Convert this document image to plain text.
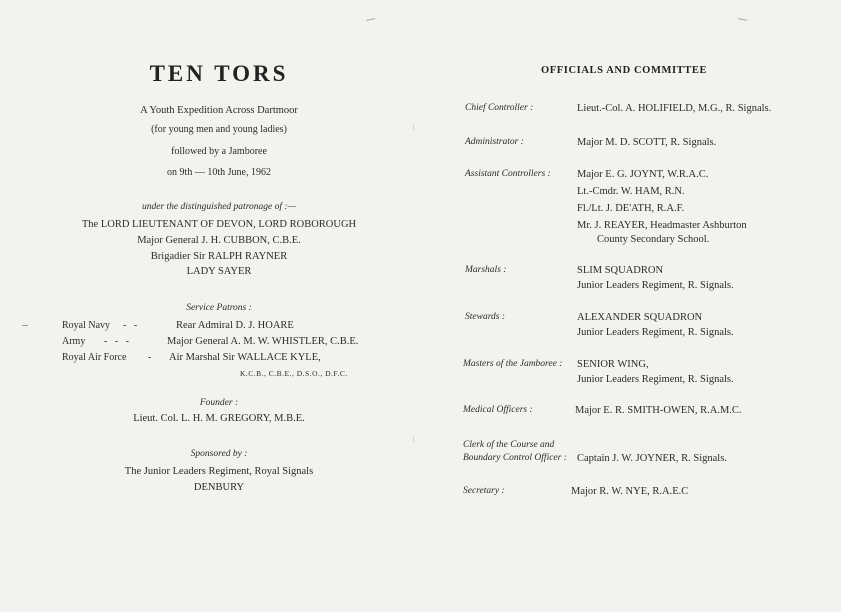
TEN TORS
A Youth Expedition Across Dartmoor
(for young men and young ladies)
followed by a Jamboree
on 9th — 10th June, 1962
under the distinguished patronage of :—
The LORD LIEUTENANT OF DEVON, LORD ROBOROUGH
Major General J. H. CUBBON, C.B.E.
Brigadier Sir RALPH RAYNER
LADY SAYER
Service Patrons :
Royal Navy -   -	Rear Admiral D. J. HOARE
Army -   -   -	Major General A. M. W. WHISTLER, C.B.E.
Royal Air Force - Air Marshal Sir WALLACE KYLE,
K.C.B., C.B.E., D.S.O., D.F.C.
Founder :
Lieut. Col. L. H. M. GREGORY, M.B.E.
Sponsored by :
The Junior Leaders Regiment, Royal Signals
DENBURY
OFFICIALS AND COMMITTEE
Chief Controller :	Lieut.-Col. A. HOLIFIELD, M.G., R. Signals.
Administrator :	Major M. D. SCOTT, R. Signals.
Assistant Controllers :	Major E. G. JOYNT, W.R.A.C.
Lt.-Cmdr. W. HAM, R.N.
Fl./Lt. J. DE'ATH, R.A.F.
Mr. J. REAYER, Headmaster Ashburton
County Secondary School.
Marshals :	SLIM SQUADRON
Junior Leaders Regiment, R. Signals.
Stewards :	ALEXANDER SQUADRON
Junior Leaders Regiment, R. Signals.
Masters of the Jamboree : SENIOR WING,
Junior Leaders Regiment, R. Signals.
Medical Officers :	Major E. R. SMITH-OWEN, R.A.M.C.
Clerk of the Course and
Boundary Control Officer : Captain J. W. JOYNER, R. Signals.
Secretary :	Major R. W. NYE, R.A.E.C
